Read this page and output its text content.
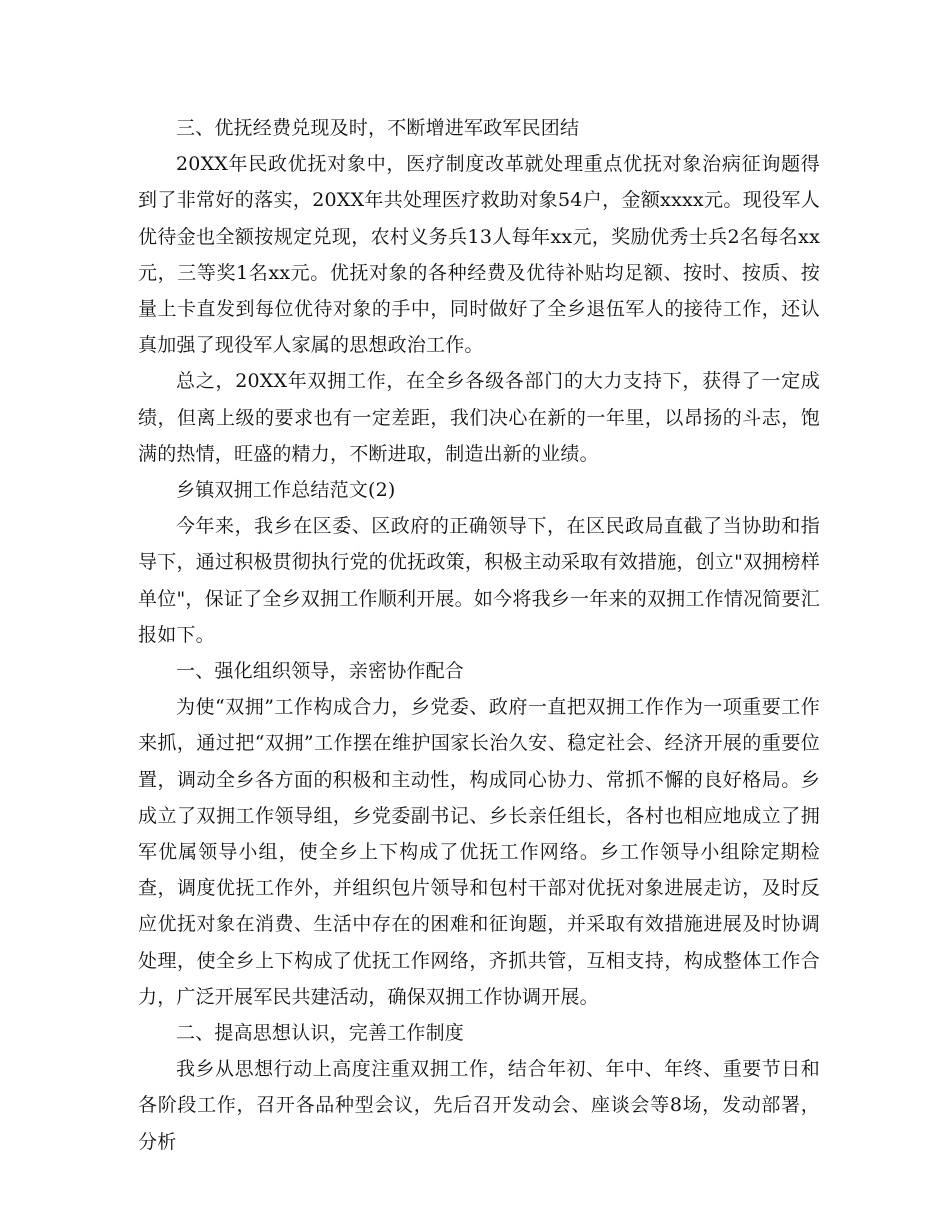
三、优抚经费兑现及时，不断增进军政军民团结

20XX年民政优抚对象中，医疗制度改革就处理重点优抚对象治病征询题得到了非常好的落实，20XX年共处理医疗救助对象54户，金额xxxx元。现役军人优待金也全额按规定兑现，农村义务兵13人每年xx元，奖励优秀士兵2名每名xx元，三等奖1名xx元。优抚对象的各种经费及优待补贴均足额、按时、按质、按量上卡直发到每位优待对象的手中，同时做好了全乡退伍军人的接待工作，还认真加强了现役军人家属的思想政治工作。

总之，20XX年双拥工作，在全乡各级各部门的大力支持下，获得了一定成绩，但离上级的要求也有一定差距，我们决心在新的一年里，以昂扬的斗志，饱满的热情，旺盛的精力，不断进取，制造出新的业绩。

乡镇双拥工作总结范文(2)

今年来，我乡在区委、区政府的正确领导下，在区民政局直截了当协助和指导下，通过积极贯彻执行党的优抚政策，积极主动采取有效措施，创立"双拥榜样单位"，保证了全乡双拥工作顺利开展。如今将我乡一年来的双拥工作情况简要汇报如下。

一、强化组织领导，亲密协作配合

为使“双拥”工作构成合力，乡党委、政府一直把双拥工作作为一项重要工作来抓，通过把“双拥”工作摆在维护国家长治久安、稳定社会、经济开展的重要位置，调动全乡各方面的积极和主动性，构成同心协力、常抓不懈的良好格局。乡成立了双拥工作领导组，乡党委副书记、乡长亲任组长，各村也相应地成立了拥军优属领导小组，使全乡上下构成了优抚工作网络。乡工作领导小组除定期检查，调度优抚工作外，并组织包片领导和包村干部对优抚对象进展走访，及时反应优抚对象在消费、生活中存在的困难和征询题，并采取有效措施进展及时协调处理，使全乡上下构成了优抚工作网络，齐抓共管，互相支持，构成整体工作合力，广泛开展军民共建活动，确保双拥工作协调开展。

二、提高思想认识，完善工作制度

我乡从思想行动上高度注重双拥工作，结合年初、年中、年终、重要节日和各阶段工作，召开各品种型会议，先后召开发动会、座谈会等8场，发动部署，分析
